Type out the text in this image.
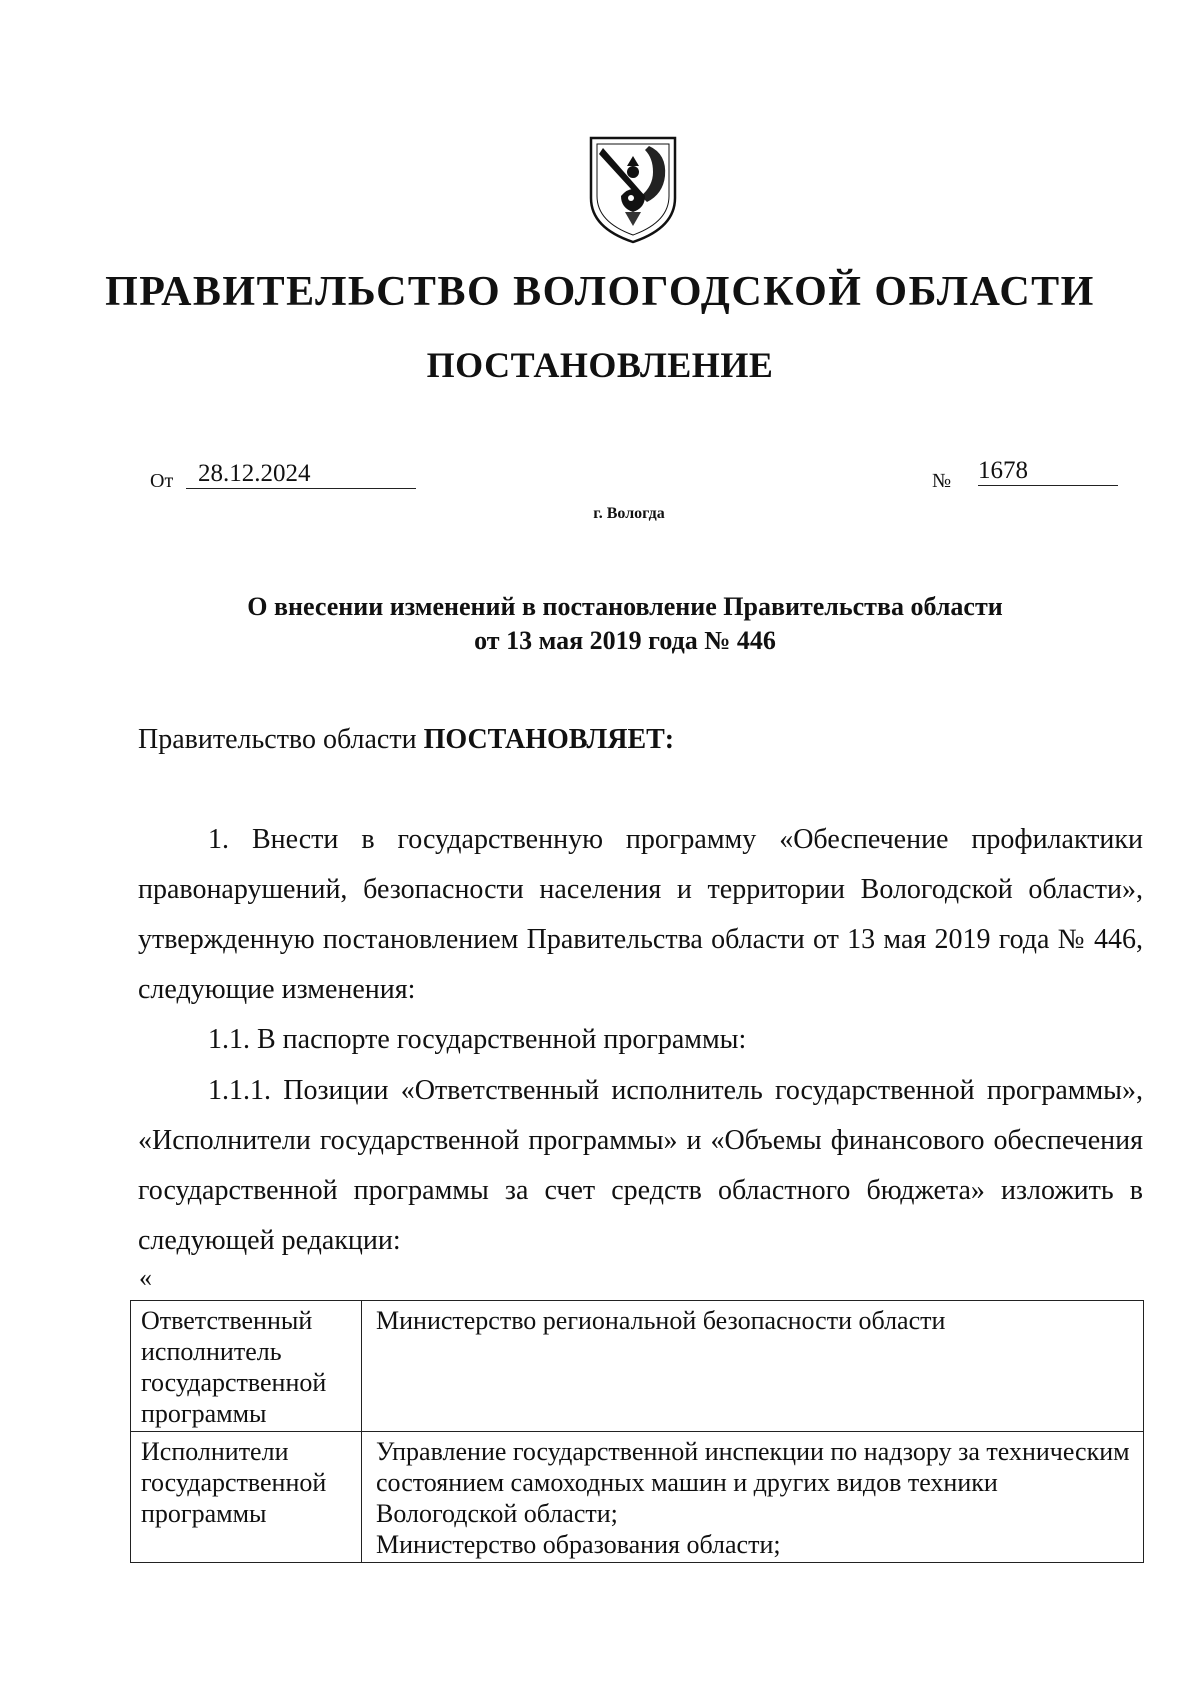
ПРАВИТЕЛЬСТВО ВОЛОГОДСКОЙ ОБЛАСТИ
ПОСТАНОВЛЕНИЕ
От 28.12.2024	№ 1678
г. Вологда
О внесении изменений в постановление Правительства области
от 13 мая 2019 года № 446
Правительство области ПОСТАНОВЛЯЕТ:

1. Внести в государственную программу «Обеспечение профилактики правонарушений, безопасности населения и территории Вологодской области», утвержденную постановлением Правительства области от 13 мая 2019 года № 446, следующие изменения:

1.1. В паспорте государственной программы:

1.1.1. Позиции «Ответственный исполнитель государственной программы», «Исполнители государственной программы» и «Объемы финансового обеспечения государственной программы за счет средств областного бюджета» изложить в следующей редакции:

«
Ответственный исполнитель государственной программы	Министерство региональной безопасности области

Исполнители государственной программы	Управление государственной инспекции по надзору за техническим состоянием самоходных машин и других видов техники Вологодской области;
Министерство образования области;
